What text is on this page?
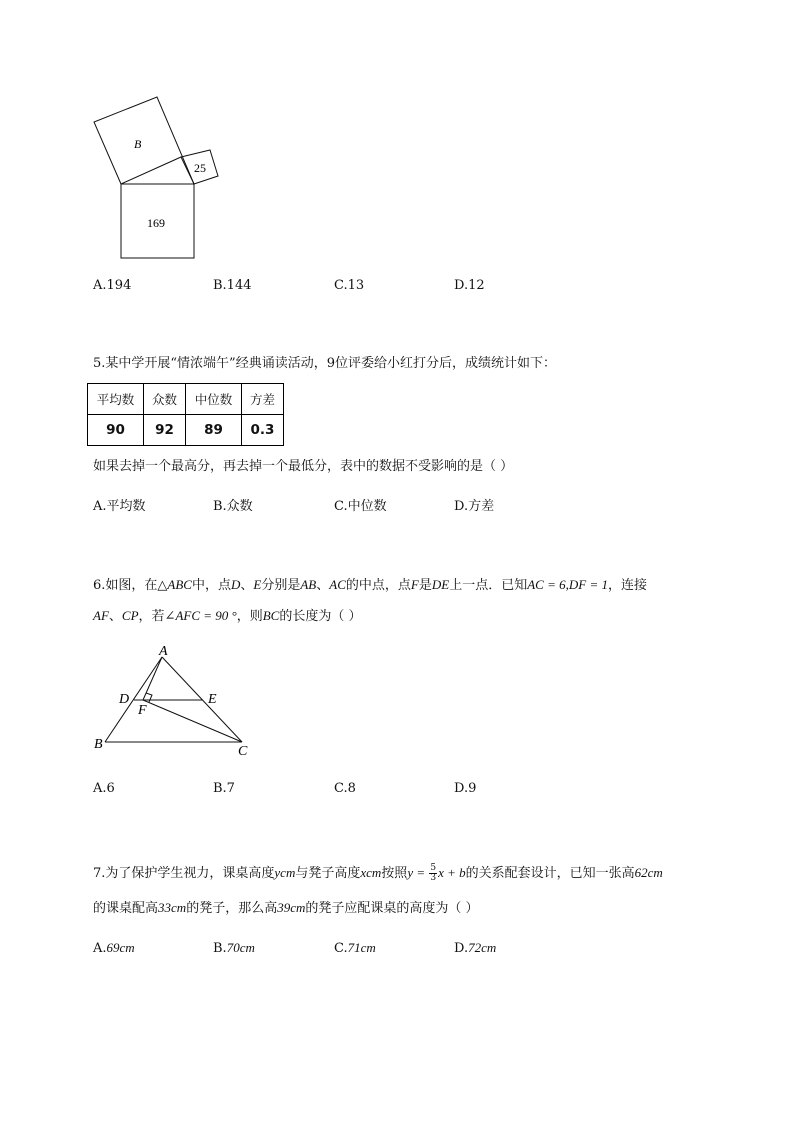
B
25
169
A.194	B.144	C.13	D.12
5.某中学开展“情浓端午”经典诵读活动，9位评委给小红打分后，成绩统计如下：
平均数	众数	中位数	方差
90	92	89	0.3
如果去掉一个最高分，再去掉一个最低分，表中的数据不受影响的是（ ）
A.平均数	B.众数	C.中位数	D.方差
6.如图，在△ABC中，点D、E分别是AB、AC的中点，点F是DE上一点．已知AC = 6,DF = 1，连接
AF、CP，若∠AFC = 90 °，则BC的长度为（ ）
A
D	E
F
B	C
A.6	B.7	C.8	D.9
7.为了保护学生视力，课桌高度ycm与凳子高度xcm按照$y = \frac{5}{3}$ x + b的关系配套设计，已知一张高62cm
的课桌配高33cm的凳子，那么高39cm的凳子应配课桌的高度为（ ）
A.69cm	B.70cm	C.71cm	D.72cm
